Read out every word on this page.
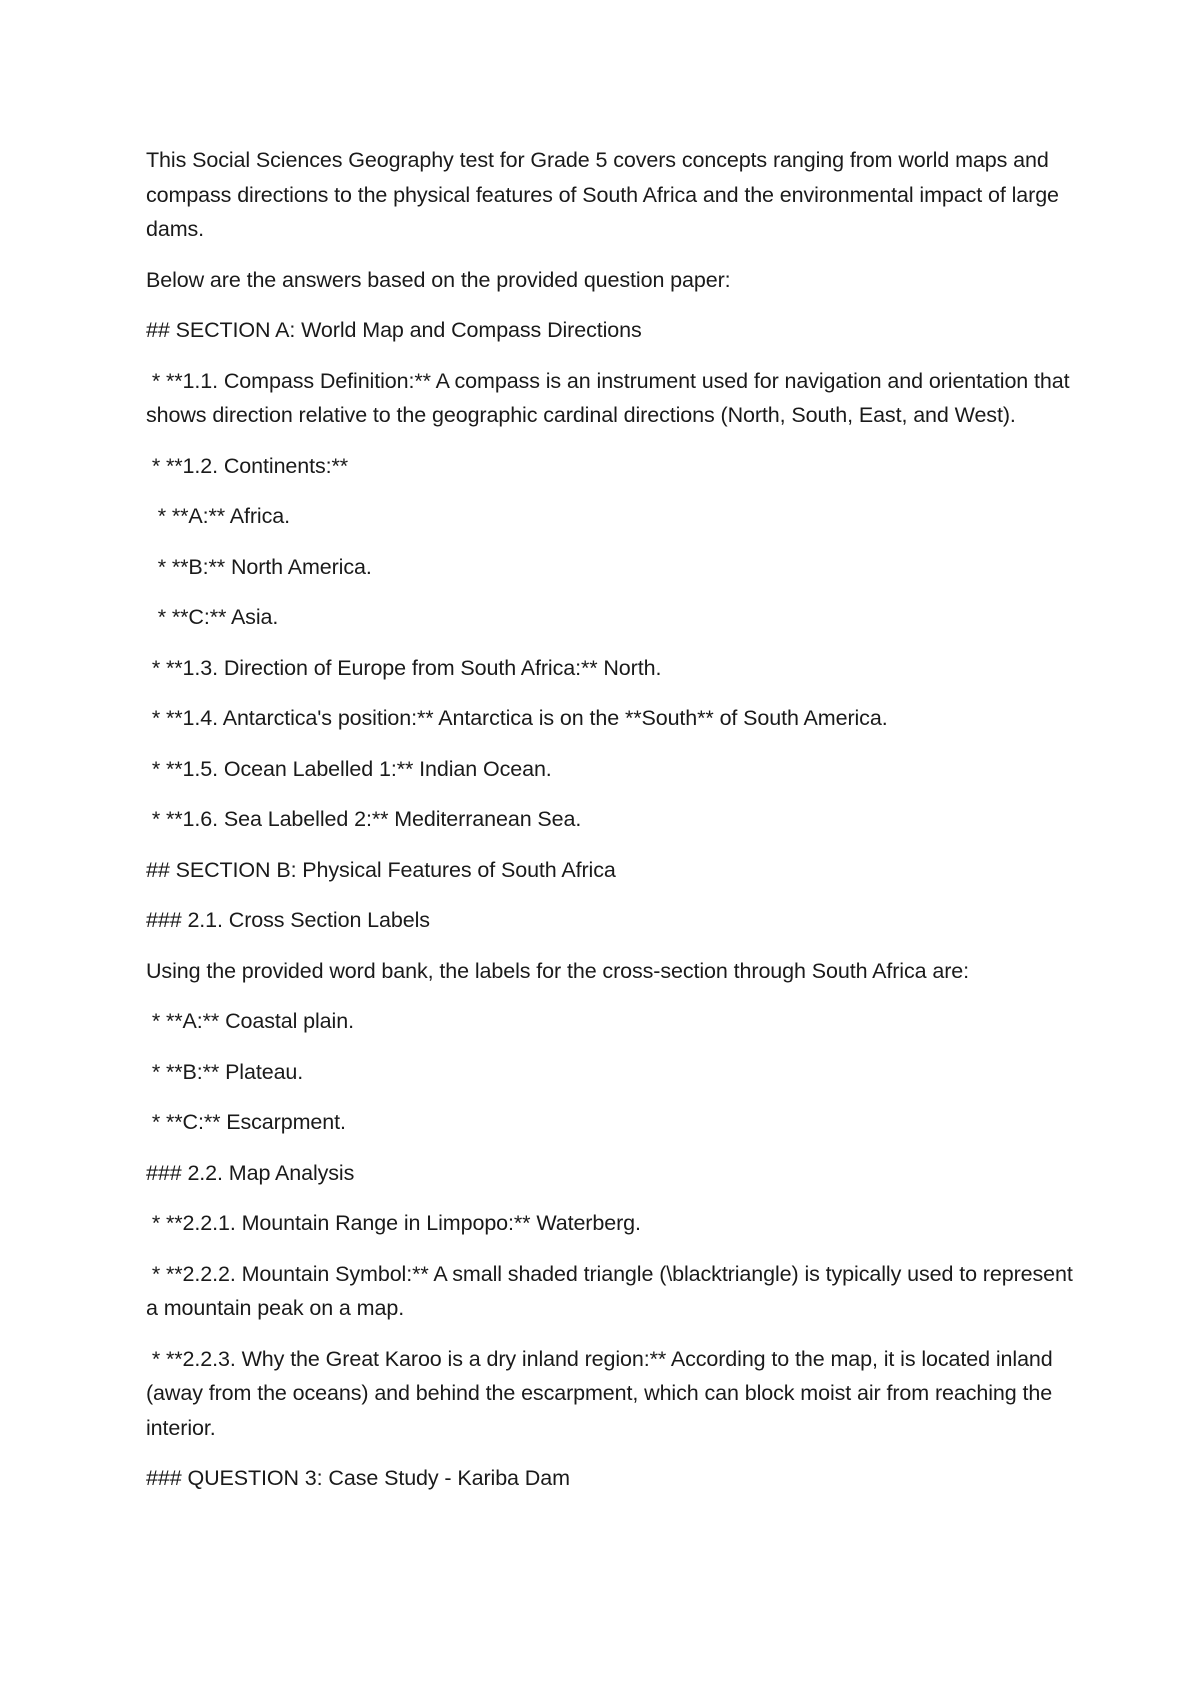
This Social Sciences Geography test for Grade 5 covers concepts ranging from world maps and compass directions to the physical features of South Africa and the environmental impact of large dams.

Below are the answers based on the provided question paper:

## SECTION A: World Map and Compass Directions

* **1.1. Compass Definition:** A compass is an instrument used for navigation and orientation that shows direction relative to the geographic cardinal directions (North, South, East, and West).

* **1.2. Continents:**

* **A:** Africa.

* **B:** North America.

* **C:** Asia.

* **1.3. Direction of Europe from South Africa:** North.

* **1.4. Antarctica's position:** Antarctica is on the **South** of South America.

* **1.5. Ocean Labelled 1:** Indian Ocean.

* **1.6. Sea Labelled 2:** Mediterranean Sea.

## SECTION B: Physical Features of South Africa

### 2.1. Cross Section Labels

Using the provided word bank, the labels for the cross-section through South Africa are:

* **A:** Coastal plain.

* **B:** Plateau.

* **C:** Escarpment.

### 2.2. Map Analysis

* **2.2.1. Mountain Range in Limpopo:** Waterberg.

* **2.2.2. Mountain Symbol:** A small shaded triangle (\blacktriangle) is typically used to represent a mountain peak on a map.

* **2.2.3. Why the Great Karoo is a dry inland region:** According to the map, it is located inland (away from the oceans) and behind the escarpment, which can block moist air from reaching the interior.

### QUESTION 3: Case Study - Kariba Dam
